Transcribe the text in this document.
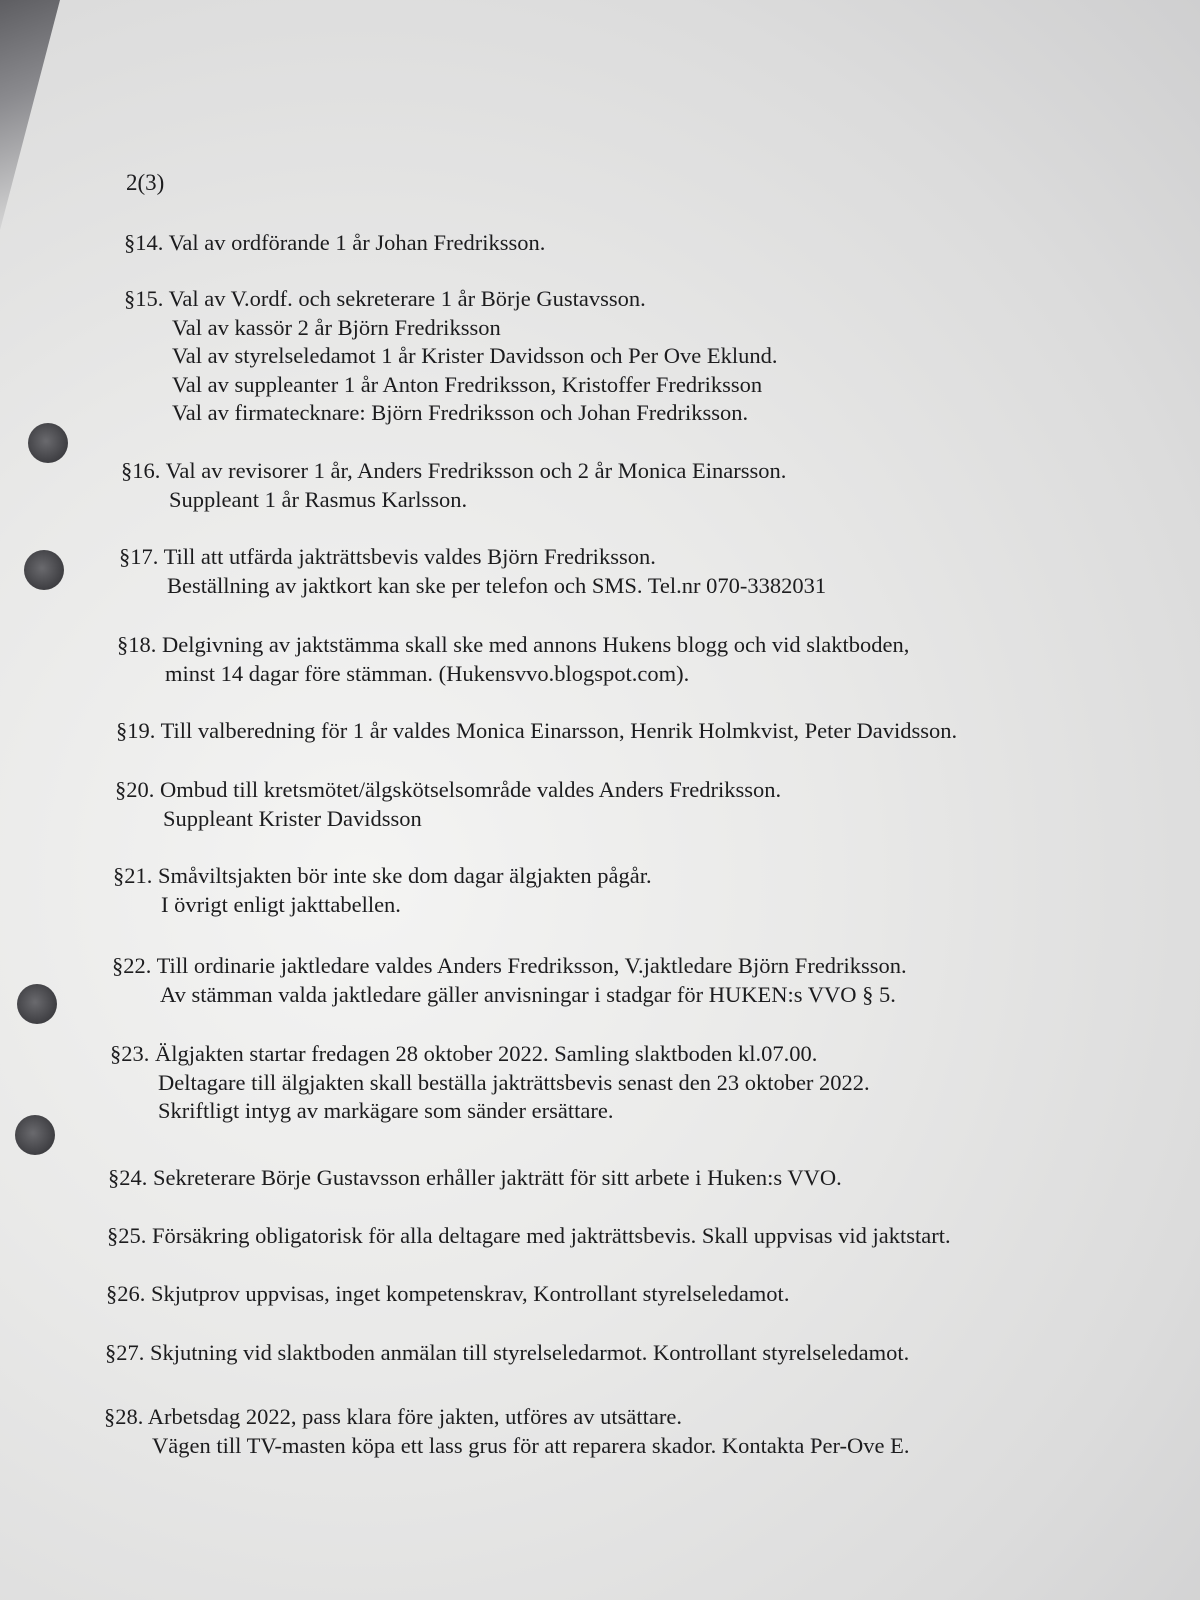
2(3)
§14. Val av ordförande 1 år Johan Fredriksson.
§15. Val av V.ordf. och sekreterare 1 år Börje Gustavsson.
Val av kassör 2 år Björn Fredriksson
Val av styrelseledamot 1 år Krister Davidsson och Per Ove Eklund.
Val av suppleanter 1 år Anton Fredriksson, Kristoffer Fredriksson
Val av firmatecknare: Björn Fredriksson och Johan Fredriksson.
§16. Val av revisorer 1 år, Anders Fredriksson och 2 år Monica Einarsson.
Suppleant 1 år Rasmus Karlsson.
§17. Till att utfärda jakträttsbevis valdes Björn Fredriksson.
Beställning av jaktkort kan ske per telefon och SMS. Tel.nr 070-3382031
§18. Delgivning av jaktstämma skall ske med annons Hukens blogg och vid slaktboden,
minst 14 dagar före stämman. (Hukensvvo.blogspot.com).
§19. Till valberedning för 1 år valdes Monica Einarsson, Henrik Holmkvist, Peter Davidsson.
§20. Ombud till kretsmötet/älgskötselsområde valdes Anders Fredriksson.
Suppleant Krister Davidsson
§21. Småviltsjakten bör inte ske dom dagar älgjakten pågår.
I övrigt enligt jakttabellen.
§22. Till ordinarie jaktledare valdes Anders Fredriksson, V.jaktledare Björn Fredriksson.
Av stämman valda jaktledare gäller anvisningar i stadgar för HUKEN:s VVO § 5.
§23. Älgjakten startar fredagen 28 oktober 2022. Samling slaktboden kl.07.00.
Deltagare till älgjakten skall beställa jakträttsbevis senast den 23 oktober 2022.
Skriftligt intyg av markägare som sänder ersättare.
§24. Sekreterare Börje Gustavsson erhåller jakträtt för sitt arbete i Huken:s VVO.
§25. Försäkring obligatorisk för alla deltagare med jakträttsbevis. Skall uppvisas vid jaktstart.
§26. Skjutprov uppvisas, inget kompetenskrav, Kontrollant styrelseledamot.
§27. Skjutning vid slaktboden anmälan till styrelseledarmot. Kontrollant styrelseledamot.
§28. Arbetsdag 2022, pass klara före jakten, utföres av utsättare.
Vägen till TV-masten köpa ett lass grus för att reparera skador. Kontakta Per-Ove E.
